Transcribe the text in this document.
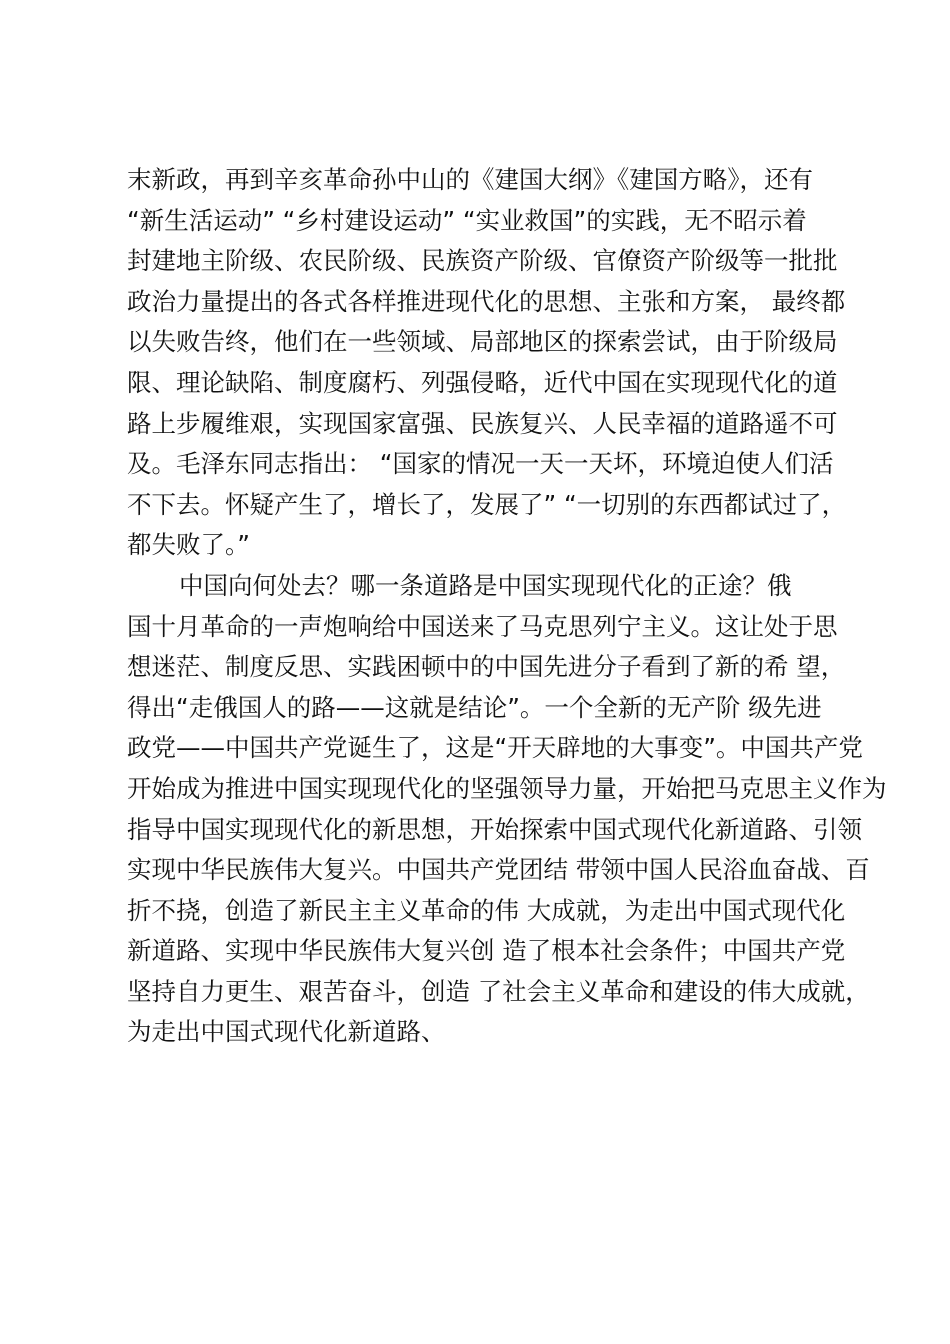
末新政，再到辛亥革命孙中山的《建国大纲》《建国方略》，还有
“新生活运动” “乡村建设运动” “实业救国”的实践，无不昭示着
封建地主阶级、农民阶级、民族资产阶级、官僚资产阶级等一批批
政治力量提出的各式各样推进现代化的思想、主张和方案， 最终都
以失败告终，他们在一些领域、局部地区的探索尝试，由于阶级局
限、理论缺陷、制度腐朽、列强侵略，近代中国在实现现代化的道
路上步履维艰，实现国家富强、民族复兴、人民幸福的道路遥不可
及。毛泽东同志指出： “国家的情况一天一天坏，环境迫使人们活
不下去。怀疑产生了，增长了，发展了” “一切别的东西都试过了，
都失败了。”
中国向何处去？哪一条道路是中国实现现代化的正途？俄
国十月革命的一声炮响给中国送来了马克思列宁主义。这让处于思
想迷茫、制度反思、实践困顿中的中国先进分子看到了新的希 望，
得出“走俄国人的路——这就是结论”。一个全新的无产阶 级先进
政党——中国共产党诞生了，这是“开天辟地的大事变”。中国共产党
开始成为推进中国实现现代化的坚强领导力量，开始把马克思主义作为
指导中国实现现代化的新思想，开始探索中国式现代化新道路、引领
实现中华民族伟大复兴。中国共产党团结 带领中国人民浴血奋战、百
折不挠，创造了新民主主义革命的伟 大成就，为走出中国式现代化
新道路、实现中华民族伟大复兴创 造了根本社会条件；中国共产党
坚持自力更生、艰苦奋斗，创造 了社会主义革命和建设的伟大成就，
为走出中国式现代化新道路、
